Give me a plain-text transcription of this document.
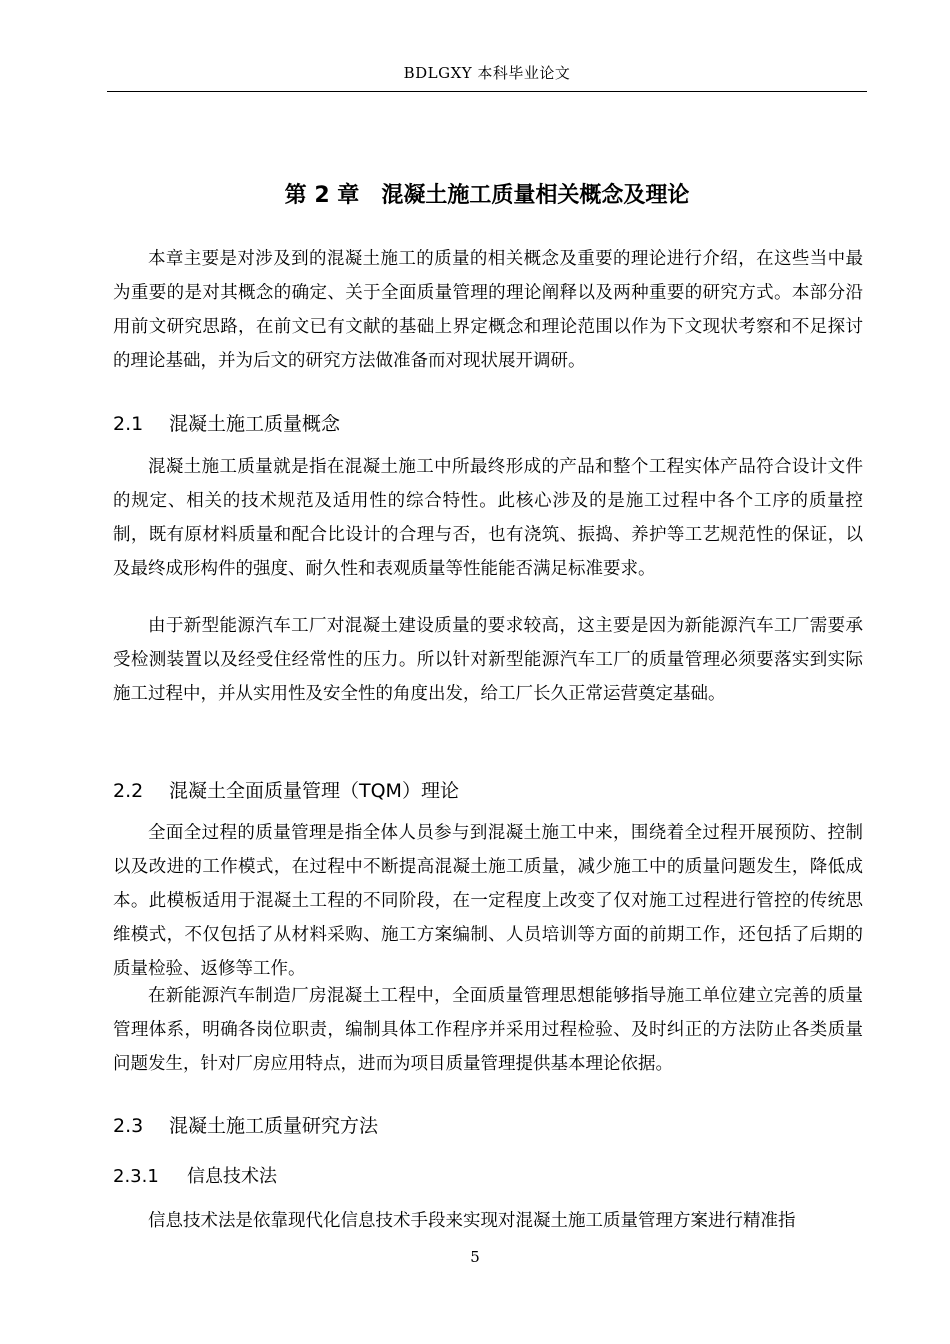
BDLGXY 本科毕业论文
第 2 章 混凝土施工质量相关概念及理论

本章主要是对涉及到的混凝土施工的质量的相关概念及重要的理论进行介绍，在这些当中最为重要的是对其概念的确定、关于全面质量管理的理论阐释以及两种重要的研究方式。本部分沿用前文研究思路，在前文已有文献的基础上界定概念和理论范围以作为下文现状考察和不足探讨的理论基础，并为后文的研究方法做准备而对现状展开调研。

2.1 混凝土施工质量概念

混凝土施工质量就是指在混凝土施工中所最终形成的产品和整个工程实体产品符合设计文件的规定、相关的技术规范及适用性的综合特性。此核心涉及的是施工过程中各个工序的质量控制，既有原材料质量和配合比设计的合理与否，也有浇筑、振捣、养护等工艺规范性的保证，以及最终成形构件的强度、耐久性和表观质量等性能能否满足标准要求。

由于新型能源汽车工厂对混凝土建设质量的要求较高，这主要是因为新能源汽车工厂需要承受检测装置以及经受住经常性的压力。所以针对新型能源汽车工厂的质量管理必须要落实到实际施工过程中，并从实用性及安全性的角度出发，给工厂长久正常运营奠定基础。

2.2 混凝土全面质量管理（TQM）理论

全面全过程的质量管理是指全体人员参与到混凝土施工中来，围绕着全过程开展预防、控制以及改进的工作模式，在过程中不断提高混凝土施工质量，减少施工中的质量问题发生，降低成本。此模板适用于混凝土工程的不同阶段，在一定程度上改变了仅对施工过程进行管控的传统思维模式，不仅包括了从材料采购、施工方案编制、人员培训等方面的前期工作，还包括了后期的质量检验、返修等工作。

在新能源汽车制造厂房混凝土工程中，全面质量管理思想能够指导施工单位建立完善的质量管理体系，明确各岗位职责，编制具体工作程序并采用过程检验、及时纠正的方法防止各类质量问题发生，针对厂房应用特点，进而为项目质量管理提供基本理论依据。

2.3 混凝土施工质量研究方法
2.3.1 信息技术法

信息技术法是依靠现代化信息技术手段来实现对混凝土施工质量管理方案进行精准指

5
